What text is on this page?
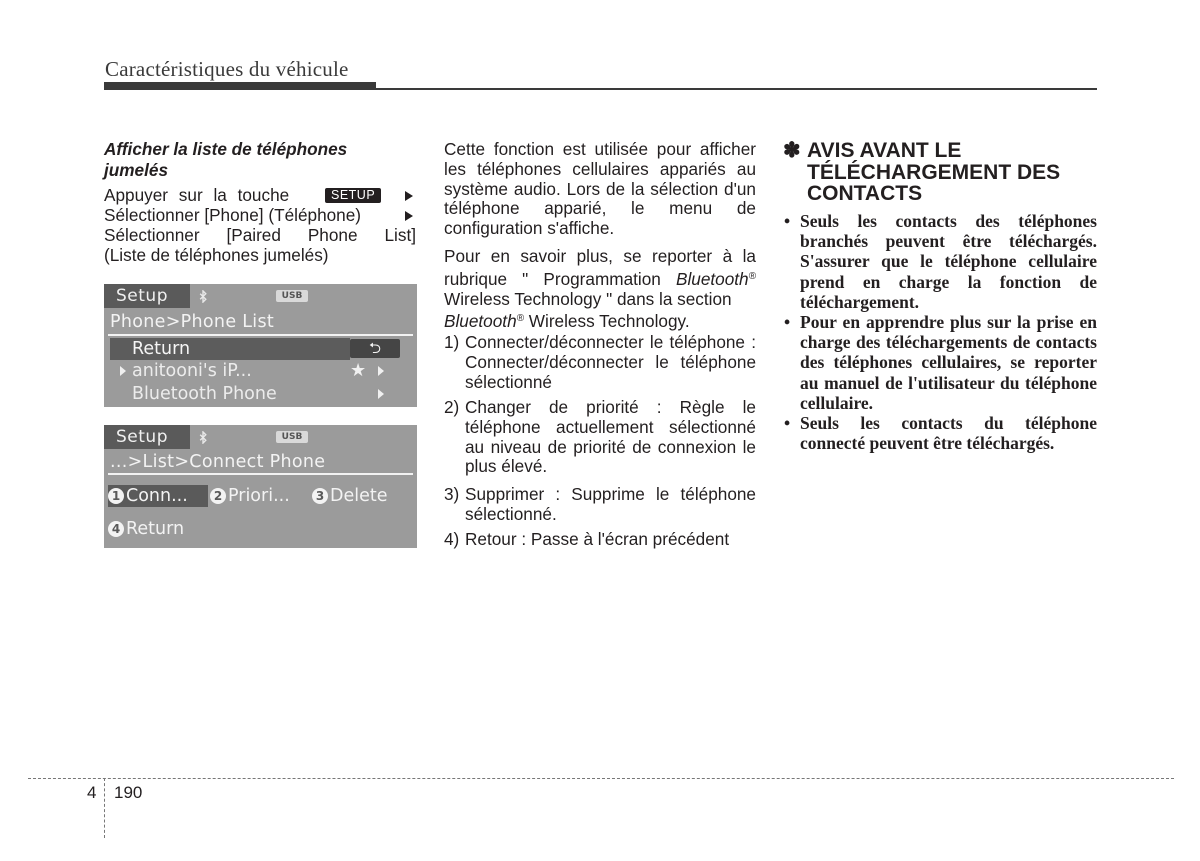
Caractéristiques du véhicule
Afficher la liste de téléphones
jumelés
Appuyer sur la touche	SETUP
Sélectionner [Phone] (Téléphone)
Sélectionner [Paired Phone List]
(Liste de téléphones jumelés)
Setup	USB
Phone>Phone List
Return	⮌
anitooni's iP...	★
Bluetooth Phone
Setup	USB
...>List>Connect Phone
1 Conn...	2 Priori...	3 Delete
4 Return

Cette fonction est utilisée pour afficher les téléphones cellulaires appariés au système audio. Lors de la sélection d'un téléphone apparié, le menu de configuration s'affiche.

Pour en savoir plus, se reporter à la rubrique " Programmation Bluetooth® Wireless Technology " dans la section
Bluetooth® Wireless Technology.

1) Connecter/déconnecter le téléphone : Connecter/déconnecter le téléphone sélectionné
2) Changer de priorité : Règle le téléphone actuellement sélectionné au niveau de priorité de connexion le plus élevé.
3) Supprimer : Supprime le téléphone sélectionné.
4) Retour : Passe à l'écran précédent
✽ AVIS AVANT LE TÉLÉCHARGEMENT DES CONTACTS

• Seuls les contacts des téléphones branchés peuvent être téléchargés. S'assurer que le téléphone cellulaire prend en charge la fonction de téléchargement.

• Pour en apprendre plus sur la prise en charge des téléchargements de contacts des téléphones cellulaires, se reporter au manuel de l'utilisateur du téléphone cellulaire.

• Seuls les contacts du téléphone connecté peuvent être téléchargés.

4 190
